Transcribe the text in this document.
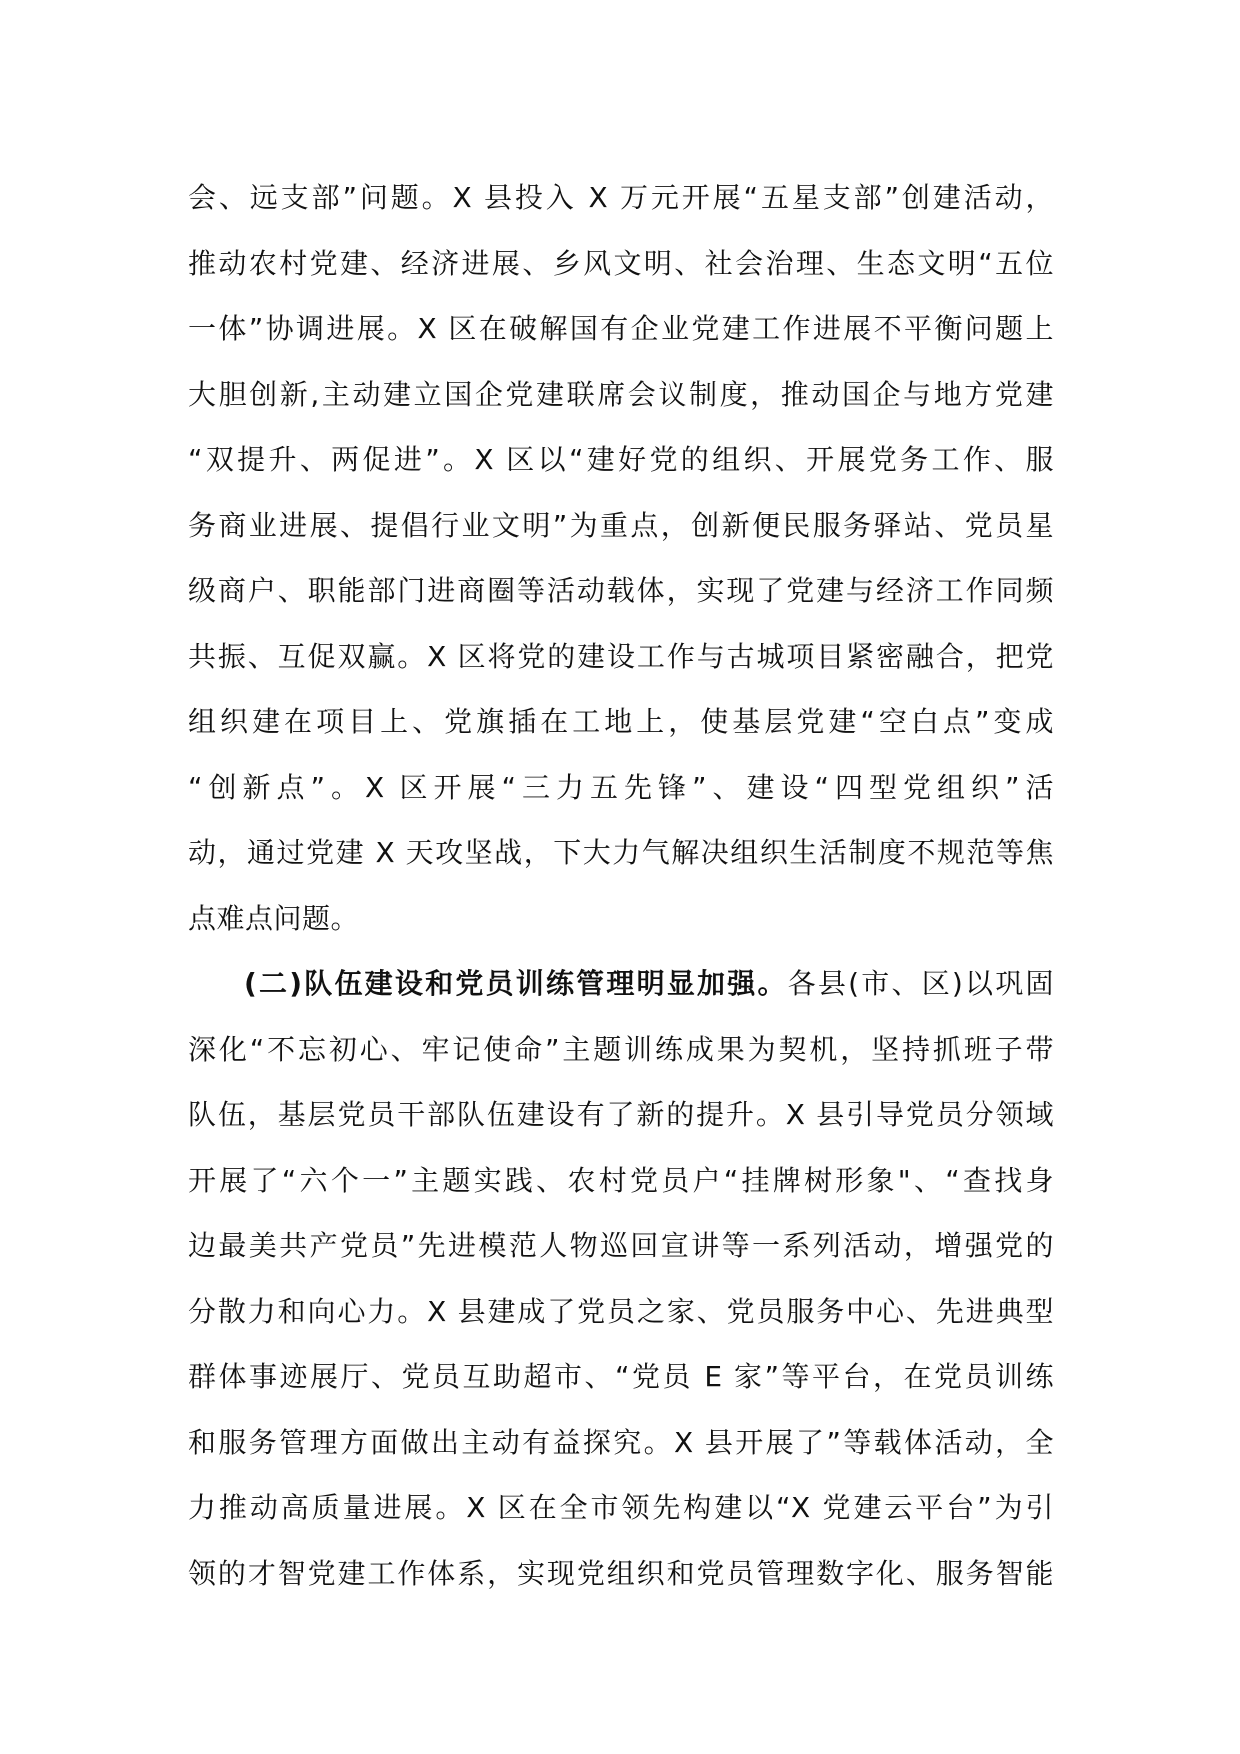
会、远支部”问题。X 县投入 X 万元开展“五星支部”创建活动，
推动农村党建、经济进展、乡风文明、社会治理、生态文明“五位
一体”协调进展。X 区在破解国有企业党建工作进展不平衡问题上
大胆创新,主动建立国企党建联席会议制度，推动国企与地方党建
“双提升、两促进”。X 区以“建好党的组织、开展党务工作、服
务商业进展、提倡行业文明”为重点，创新便民服务驿站、党员星
级商户、职能部门进商圈等活动载体，实现了党建与经济工作同频
共振、互促双赢。X 区将党的建设工作与古城项目紧密融合，把党
组织建在项目上、党旗插在工地上，使基层党建“空白点”变成
“创新点”。X 区开展“三力五先锋”、建设“四型党组织”活
动，通过党建 X 天攻坚战，下大力气解决组织生活制度不规范等焦
点难点问题。
(二)队伍建设和党员训练管理明显加强。各县(市、区)以巩固
深化“不忘初心、牢记使命”主题训练成果为契机，坚持抓班子带
队伍，基层党员干部队伍建设有了新的提升。X 县引导党员分领域
开展了“六个一”主题实践、农村党员户“挂牌树形象"、“查找身
边最美共产党员”先进模范人物巡回宣讲等一系列活动，增强党的
分散力和向心力。X 县建成了党员之家、党员服务中心、先进典型
群体事迹展厅、党员互助超市、“党员 E 家”等平台，在党员训练
和服务管理方面做出主动有益探究。X 县开展了”等载体活动，全
力推动高质量进展。X 区在全市领先构建以“X 党建云平台”为引
领的才智党建工作体系，实现党组织和党员管理数字化、服务智能
